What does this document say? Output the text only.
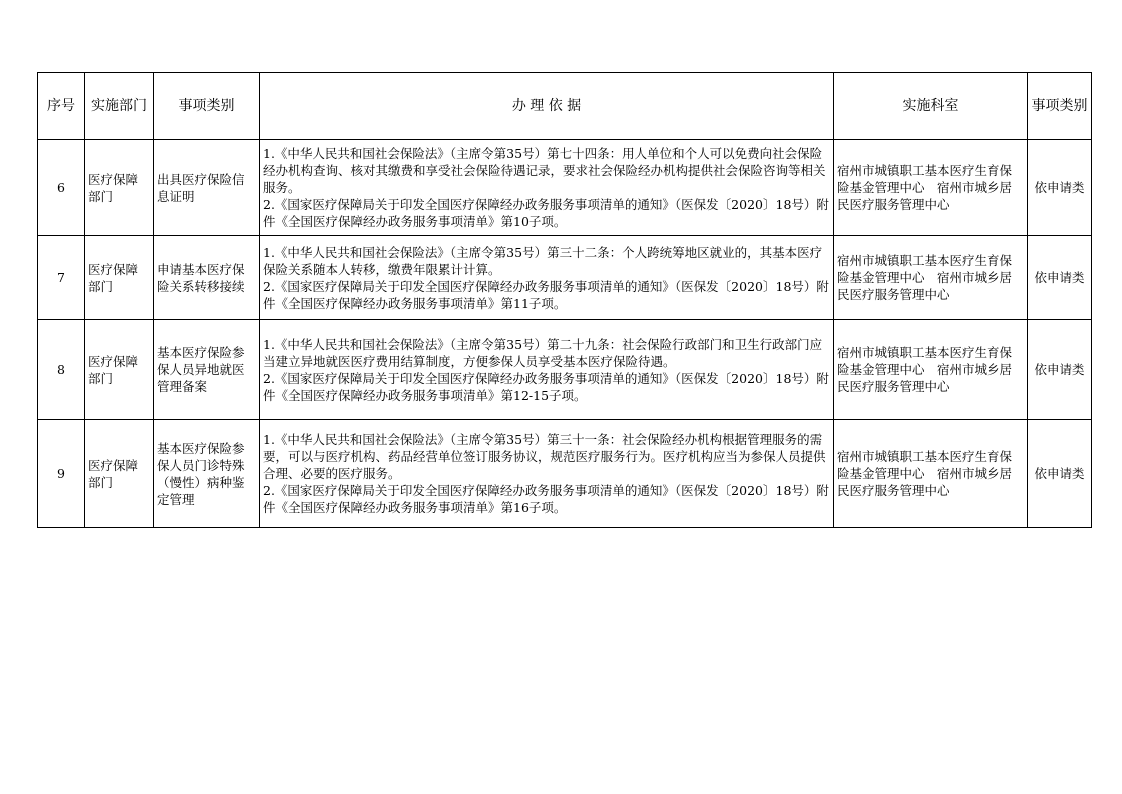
序号	实施部门	事项类别	办 理 依 据	实施科室	事项类别
6	医疗保障部门	出具医疗保险信息证明	1.《中华人民共和国社会保险法》（主席令第35号）第七十四条：用人单位和个人可以免费向社会保险经办机构查询、核对其缴费和享受社会保险待遇记录，要求社会保险经办机构提供社会保险咨询等相关服务。
2.《国家医疗保障局关于印发全国医疗保障经办政务服务事项清单的通知》（医保发〔2020〕18号）附件《全国医疗保障经办政务服务事项清单》第10子项。	宿州市城镇职工基本医疗生育保险基金管理中心　宿州市城乡居民医疗服务管理中心	依申请类
7	医疗保障部门	申请基本医疗保险关系转移接续	1.《中华人民共和国社会保险法》（主席令第35号）第三十二条：个人跨统筹地区就业的，其基本医疗保险关系随本人转移，缴费年限累计计算。
2.《国家医疗保障局关于印发全国医疗保障经办政务服务事项清单的通知》（医保发〔2020〕18号）附件《全国医疗保障经办政务服务事项清单》第11子项。	宿州市城镇职工基本医疗生育保险基金管理中心　宿州市城乡居民医疗服务管理中心	依申请类
8	医疗保障部门	基本医疗保险参保人员异地就医管理备案	1.《中华人民共和国社会保险法》（主席令第35号）第二十九条：社会保险行政部门和卫生行政部门应当建立异地就医医疗费用结算制度，方便参保人员享受基本医疗保险待遇。
2.《国家医疗保障局关于印发全国医疗保障经办政务服务事项清单的通知》（医保发〔2020〕18号）附件《全国医疗保障经办政务服务事项清单》第12-15子项。	宿州市城镇职工基本医疗生育保险基金管理中心　宿州市城乡居民医疗服务管理中心	依申请类
9	医疗保障部门	基本医疗保险参保人员门诊特殊（慢性）病种鉴定管理	1.《中华人民共和国社会保险法》（主席令第35号）第三十一条：社会保险经办机构根据管理服务的需要，可以与医疗机构、药品经营单位签订服务协议，规范医疗服务行为。医疗机构应当为参保人员提供合理、必要的医疗服务。
2.《国家医疗保障局关于印发全国医疗保障经办政务服务事项清单的通知》（医保发〔2020〕18号）附件《全国医疗保障经办政务服务事项清单》第16子项。	宿州市城镇职工基本医疗生育保险基金管理中心　宿州市城乡居民医疗服务管理中心	依申请类
